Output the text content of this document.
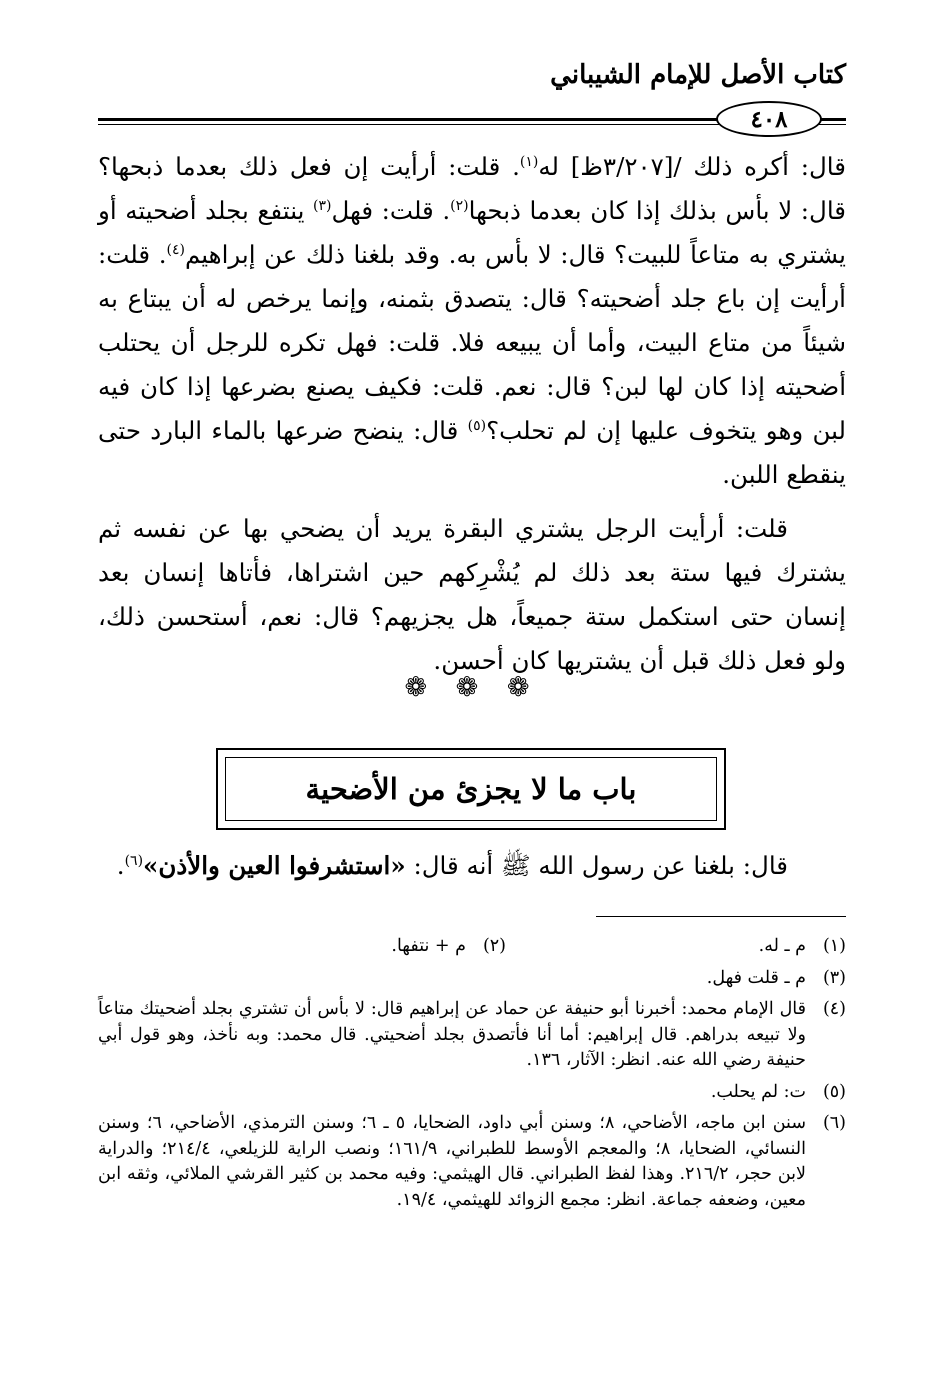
كتاب الأصل للإمام الشيباني
٤٠٨

قال: أكره ذلك /[٣/٢٠٧ظ] له$^{(١)}$. قلت: أرأيت إن فعل ذلك بعدما ذبحها؟ قال: لا بأس بذلك إذا كان بعدما ذبحها$^{(٢)}$. قلت: فهل$^{(٣)}$ ينتفع بجلد أضحيته أو يشتري به متاعاً للبيت؟ قال: لا بأس به. وقد بلغنا ذلك عن إبراهيم$^{(٤)}$. قلت: أرأيت إن باع جلد أضحيته؟ قال: يتصدق بثمنه، وإنما يرخص له أن يبتاع به شيئاً من متاع البيت، وأما أن يبيعه فلا. قلت: فهل تكره للرجل أن يحتلب أضحيته إذا كان لها لبن؟ قال: نعم. قلت: فكيف يصنع بضرعها إذا كان فيه لبن وهو يتخوف عليها إن لم تحلب؟$^{(٥)}$ قال: ينضح ضرعها بالماء البارد حتى ينقطع اللبن.

قلت: أرأيت الرجل يشتري البقرة يريد أن يضحي بها عن نفسه ثم يشترك فيها ستة بعد ذلك لم يُشْرِكهم حين اشتراها، فأتاها إنسان بعد إنسان حتى استكمل ستة جميعاً، هل يجزيهم؟ قال: نعم، أستحسن ذلك، ولو فعل ذلك قبل أن يشتريها كان أحسن.

❁ ❁ ❁
باب ما لا يجزئ من الأضحية
قال: بلغنا عن رسول الله ﷺ أنه قال: «استشرفوا العين والأذن»$^{(٦)}$.
(١)
م ـ له.
(٢)
م + نتفها.
(٣)
م ـ قلت فهل.
(٤)
قال الإمام محمد: أخبرنا أبو حنيفة عن حماد عن إبراهيم قال: لا بأس أن تشتري بجلد أضحيتك متاعاً ولا تبيعه بدراهم. قال إبراهيم: أما أنا فأتصدق بجلد أضحيتي. قال محمد: وبه نأخذ، وهو قول أبي حنيفة رضي الله عنه. انظر: الآثار، ١٣٦.
(٥)
ت: لم يحلب.
(٦)
سنن ابن ماجه، الأضاحي، ٨؛ وسنن أبي داود، الضحايا، ٥ ـ ٦؛ وسنن الترمذي، الأضاحي، ٦؛ وسنن النسائي، الضحايا، ٨؛ والمعجم الأوسط للطبراني، ١٦١/٩؛ ونصب الراية للزيلعي، ٢١٤/٤؛ والدراية لابن حجر، ٢١٦/٢. وهذا لفظ الطبراني. قال الهيثمي: وفيه محمد بن كثير القرشي الملائي، وثقه ابن معين، وضعفه جماعة. انظر: مجمع الزوائد للهيثمي، ١٩/٤.
